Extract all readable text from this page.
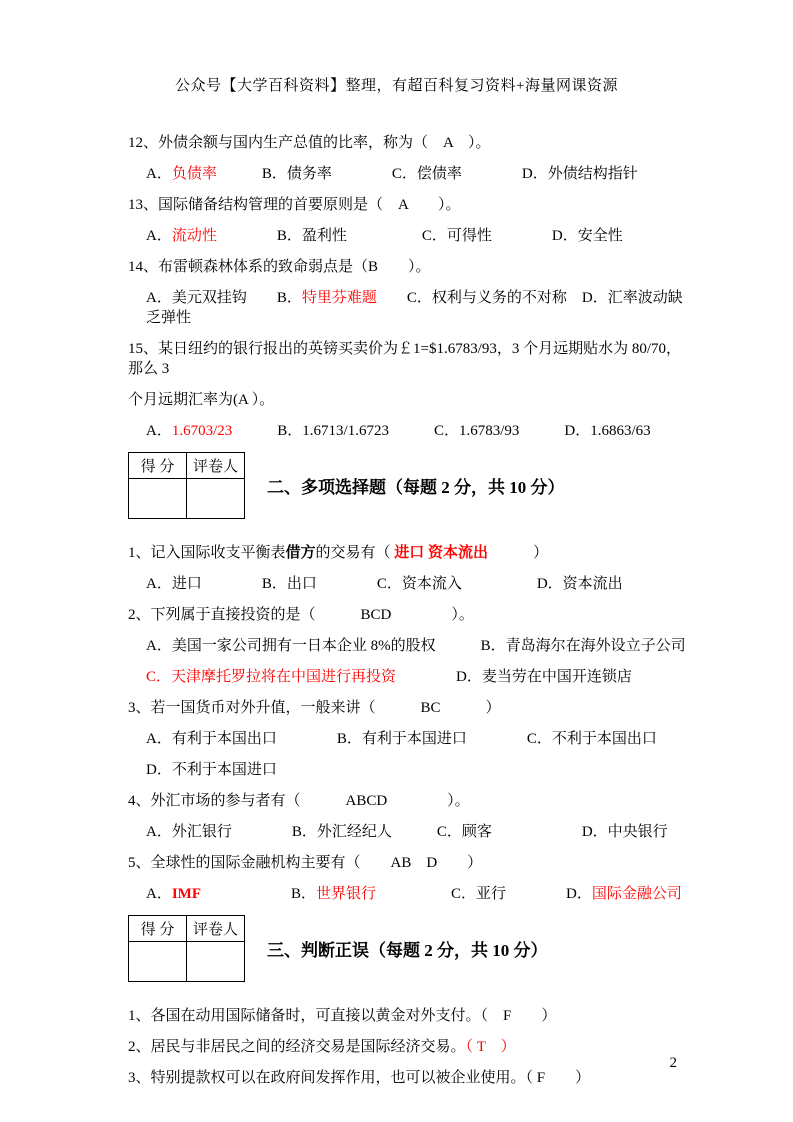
公众号【大学百科资料】整理，有超百科复习资料+海量网课资源
12、外债余额与国内生产总值的比率，称为（　A　）。
A．负债率　　　B．债务率　　　　C．偿债率　　　　D．外债结构指针
13、国际储备结构管理的首要原则是（　A　　）。
A．流动性　　　　B．盈利性　　　　　C．可得性　　　　D．安全性
14、布雷顿森林体系的致命弱点是（B　　）。
A．美元双挂钩　　B．特里芬难题　　C．权利与义务的不对称　D．汇率波动缺乏弹性
15、某日纽约的银行报出的英镑买卖价为￡1=$1.6783/93，3 个月远期贴水为 80/70，那么 3
个月远期汇率为(A ）。
A．1.6703/23　　　B．1.6713/1.6723　　　C．1.6783/93　　　D．1.6863/63
得 分	评卷人

二、多项选择题（每题 2 分，共 10 分）
1、记入国际收支平衡表借方的交易有（ 进口 资本流出　　　）
A．进口　　　　B．出口　　　　C．资本流入　　　　　D．资本流出
2、下列属于直接投资的是（　　　BCD　　　　）。
A．美国一家公司拥有一日本企业 8%的股权　　　B．青岛海尔在海外设立子公司
C．天津摩托罗拉将在中国进行再投资　　　　D．麦当劳在中国开连锁店
3、若一国货币对外升值，一般来讲（　　　BC　　　）
A．有利于本国出口　　　　B．有利于本国进口　　　　C．不利于本国出口
D．不利于本国进口
4、外汇市场的参与者有（　　　ABCD　　　　）。
A．外汇银行　　　　B．外汇经纪人　　　C．顾客　　　　　　D．中央银行
5、全球性的国际金融机构主要有（　　AB　D　　）
A．IMF　　　　　　B．世界银行　　　　　C．亚行　　　　D．国际金融公司
得 分	评卷人

三、判断正误（每题 2 分，共 10 分）
1、各国在动用国际储备时，可直接以黄金对外支付。（　F　　）
2、居民与非居民之间的经济交易是国际经济交易。（ T　）
3、特别提款权可以在政府间发挥作用，也可以被企业使用。（ F　　）
2
